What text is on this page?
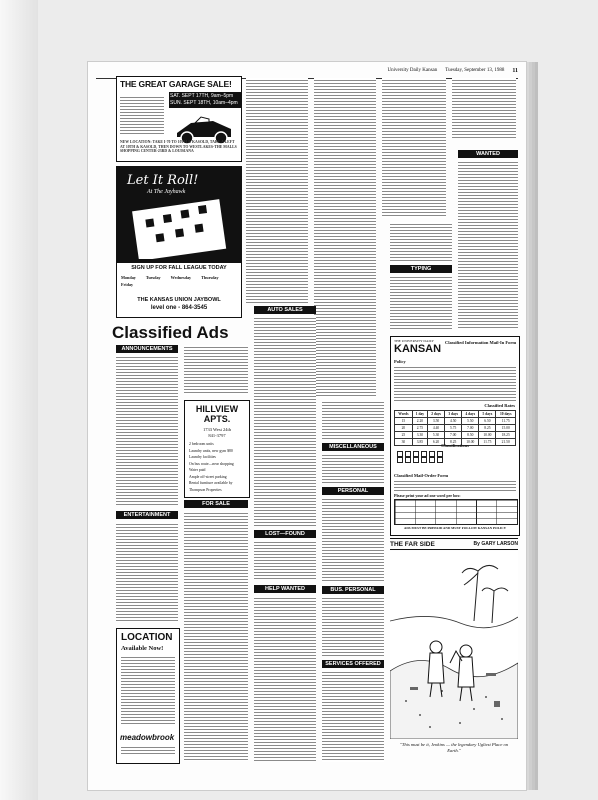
University Daily Kansan Tuesday, September 13, 1988 11
THE GREAT GARAGE SALE!
SAT. SEPT 17TH, 9am–5pm
SUN. SEPT 18TH, 10am–4pm
NEW LOCATION: TAKE I-70 TO 10TH & KASOLD, TAKE A LEFT AT 10TH & KASOLD, THEN DOWN TO WESTLAKES-THE MALLS SHOPPING CENTER-23RD & LOUISIANA
Let It Roll!
At The Jayhawk
SIGN UP FOR FALL LEAGUE TODAY
Monday Tuesday Wednesday Thursday
Friday
THE KANSAS UNION JAYBOWL
level one - 864-3545
Classified Ads
ANNOUNCEMENTS
ENTERTAINMENT
LOCATION
Available Now!
meadowbrook
HILLVIEW APTS.
1733 West 24th
841-3797
2 bedroom units
Laundry units, new gym $80
Laundry facilities
On bus route—near shopping
Water paid
Ample off-street parking
Rental furniture available by Thompson Properties
FOR SALE
AUTO SALES
LOST—FOUND
HELP WANTED
MISCELLANEOUS
PERSONAL
BUS. PERSONAL
SERVICES OFFERED
TYPING
WANTED
THE UNIVERSITY DAILY
KANSAN
Classified Information Mail-In Form
Policy
Classified Rates
Words	1 day	2 days	3 days	4 days	5 days	10 days
15	2.20	3.50	4.50	5.50	6.50	11.75
20	2.75	4.40	5.75	7.00	8.25	15.00
25	3.30	5.30	7.00	8.50	10.00	18.25
30	3.85	6.20	8.25	10.00	11.75	21.50
Classifications

Classified Mail-Order Form
Please print your ad one word per box:
ADS MUST BE PREPAID AND MUST FOLLOW KANSAN POLICY
THE FAR SIDE	By GARY LARSON
"This must be it, Jenkins — the legendary Ugliest Place on Earth."
